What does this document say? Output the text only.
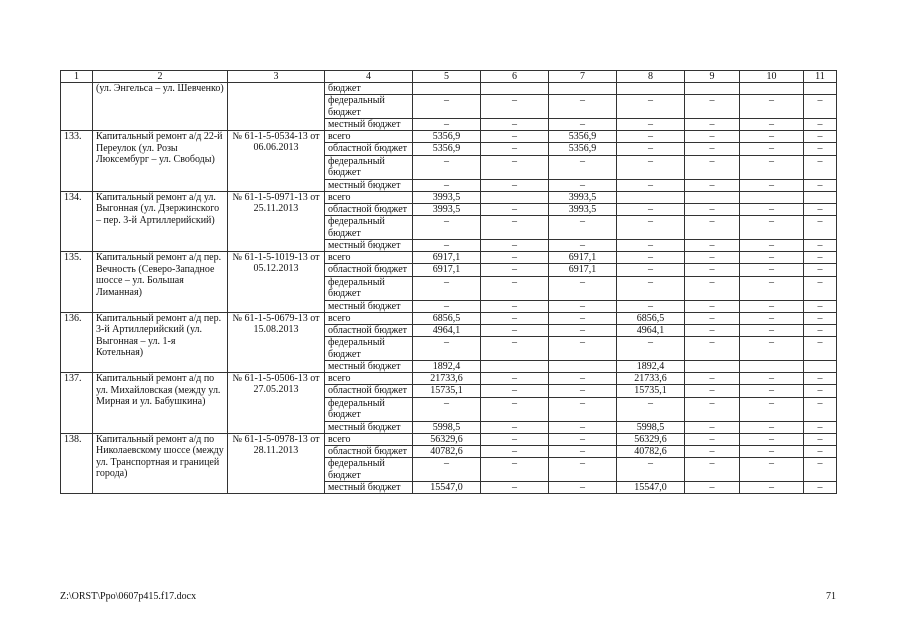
1	2	3	4	5	6	7	8	9	10	11
	(ул. Энгельса – ул. Шевченко)		бюджет							
			федеральный бюджет	–	–	–	–	–	–	–

			местный бюджет	–	–	–	–	–	–	–
133.	Капитальный ремонт а/д 22-й Переулок (ул. Розы Люксембург – ул. Свободы)	№ 61-1-5-0534-13 от 06.06.2013	всего	5356,9	–	5356,9	–	–	–	–
			областной бюджет	5356,9	–	5356,9	–	–	–	–

			федеральный бюджет	–	–	–	–	–	–	–

			местный бюджет	–	–	–	–	–	–	–
134.	Капитальный ремонт а/д ул. Выгонная (ул. Дзержинского – пер. 3-й Артиллерийский)	№ 61-1-5-0971-13 от 25.11.2013	всего	3993,5		3993,5				
			областной бюджет	3993,5	–	3993,5	–	–	–	–

			федеральный бюджет	–	–	–	–	–	–	–

			местный бюджет	–	–	–	–	–	–	–
135.	Капитальный ремонт а/д пер. Вечность (Северо-Западное шоссе – ул. Большая Лиманная)	№ 61-1-5-1019-13 от 05.12.2013	всего	6917,1	–	6917,1	–	–	–	–
			областной бюджет	6917,1	–	6917,1	–	–	–	–

			федеральный бюджет	–	–	–	–	–	–	–

			местный бюджет	–	–	–	–	–	–	–
136.	Капитальный ремонт а/д пер. 3-й Артиллерийский (ул. Выгонная – ул. 1-я Котельная)	№ 61-1-5-0679-13 от 15.08.2013	всего	6856,5	–	–	6856,5	–	–	–
			областной бюджет	4964,1	–	–	4964,1	–	–	–

			федеральный бюджет	–	–	–	–	–	–	–

			местный бюджет	1892,4			1892,4			
137.	Капитальный ремонт а/д по ул. Михайловская (между ул. Мирная и ул. Бабушкина)	№ 61-1-5-0506-13 от 27.05.2013	всего	21733,6	–	–	21733,6	–	–	–
			областной бюджет	15735,1	–	–	15735,1	–	–	–

			федеральный бюджет	–	–	–	–	–	–	–

			местный бюджет	5998,5	–	–	5998,5	–	–	–
138.	Капитальный ремонт а/д по Николаевскому шоссе (между ул. Транспортная и границей города)	№ 61-1-5-0978-13 от 28.11.2013	всего	56329,6	–	–	56329,6	–	–	–
			областной бюджет	40782,6	–	–	40782,6	–	–	–

			федеральный бюджет	–	–	–	–	–	–	–

			местный бюджет	15547,0	–	–	15547,0	–	–	–
Z:\ORST\Ppo\0607p415.f17.docx	71
